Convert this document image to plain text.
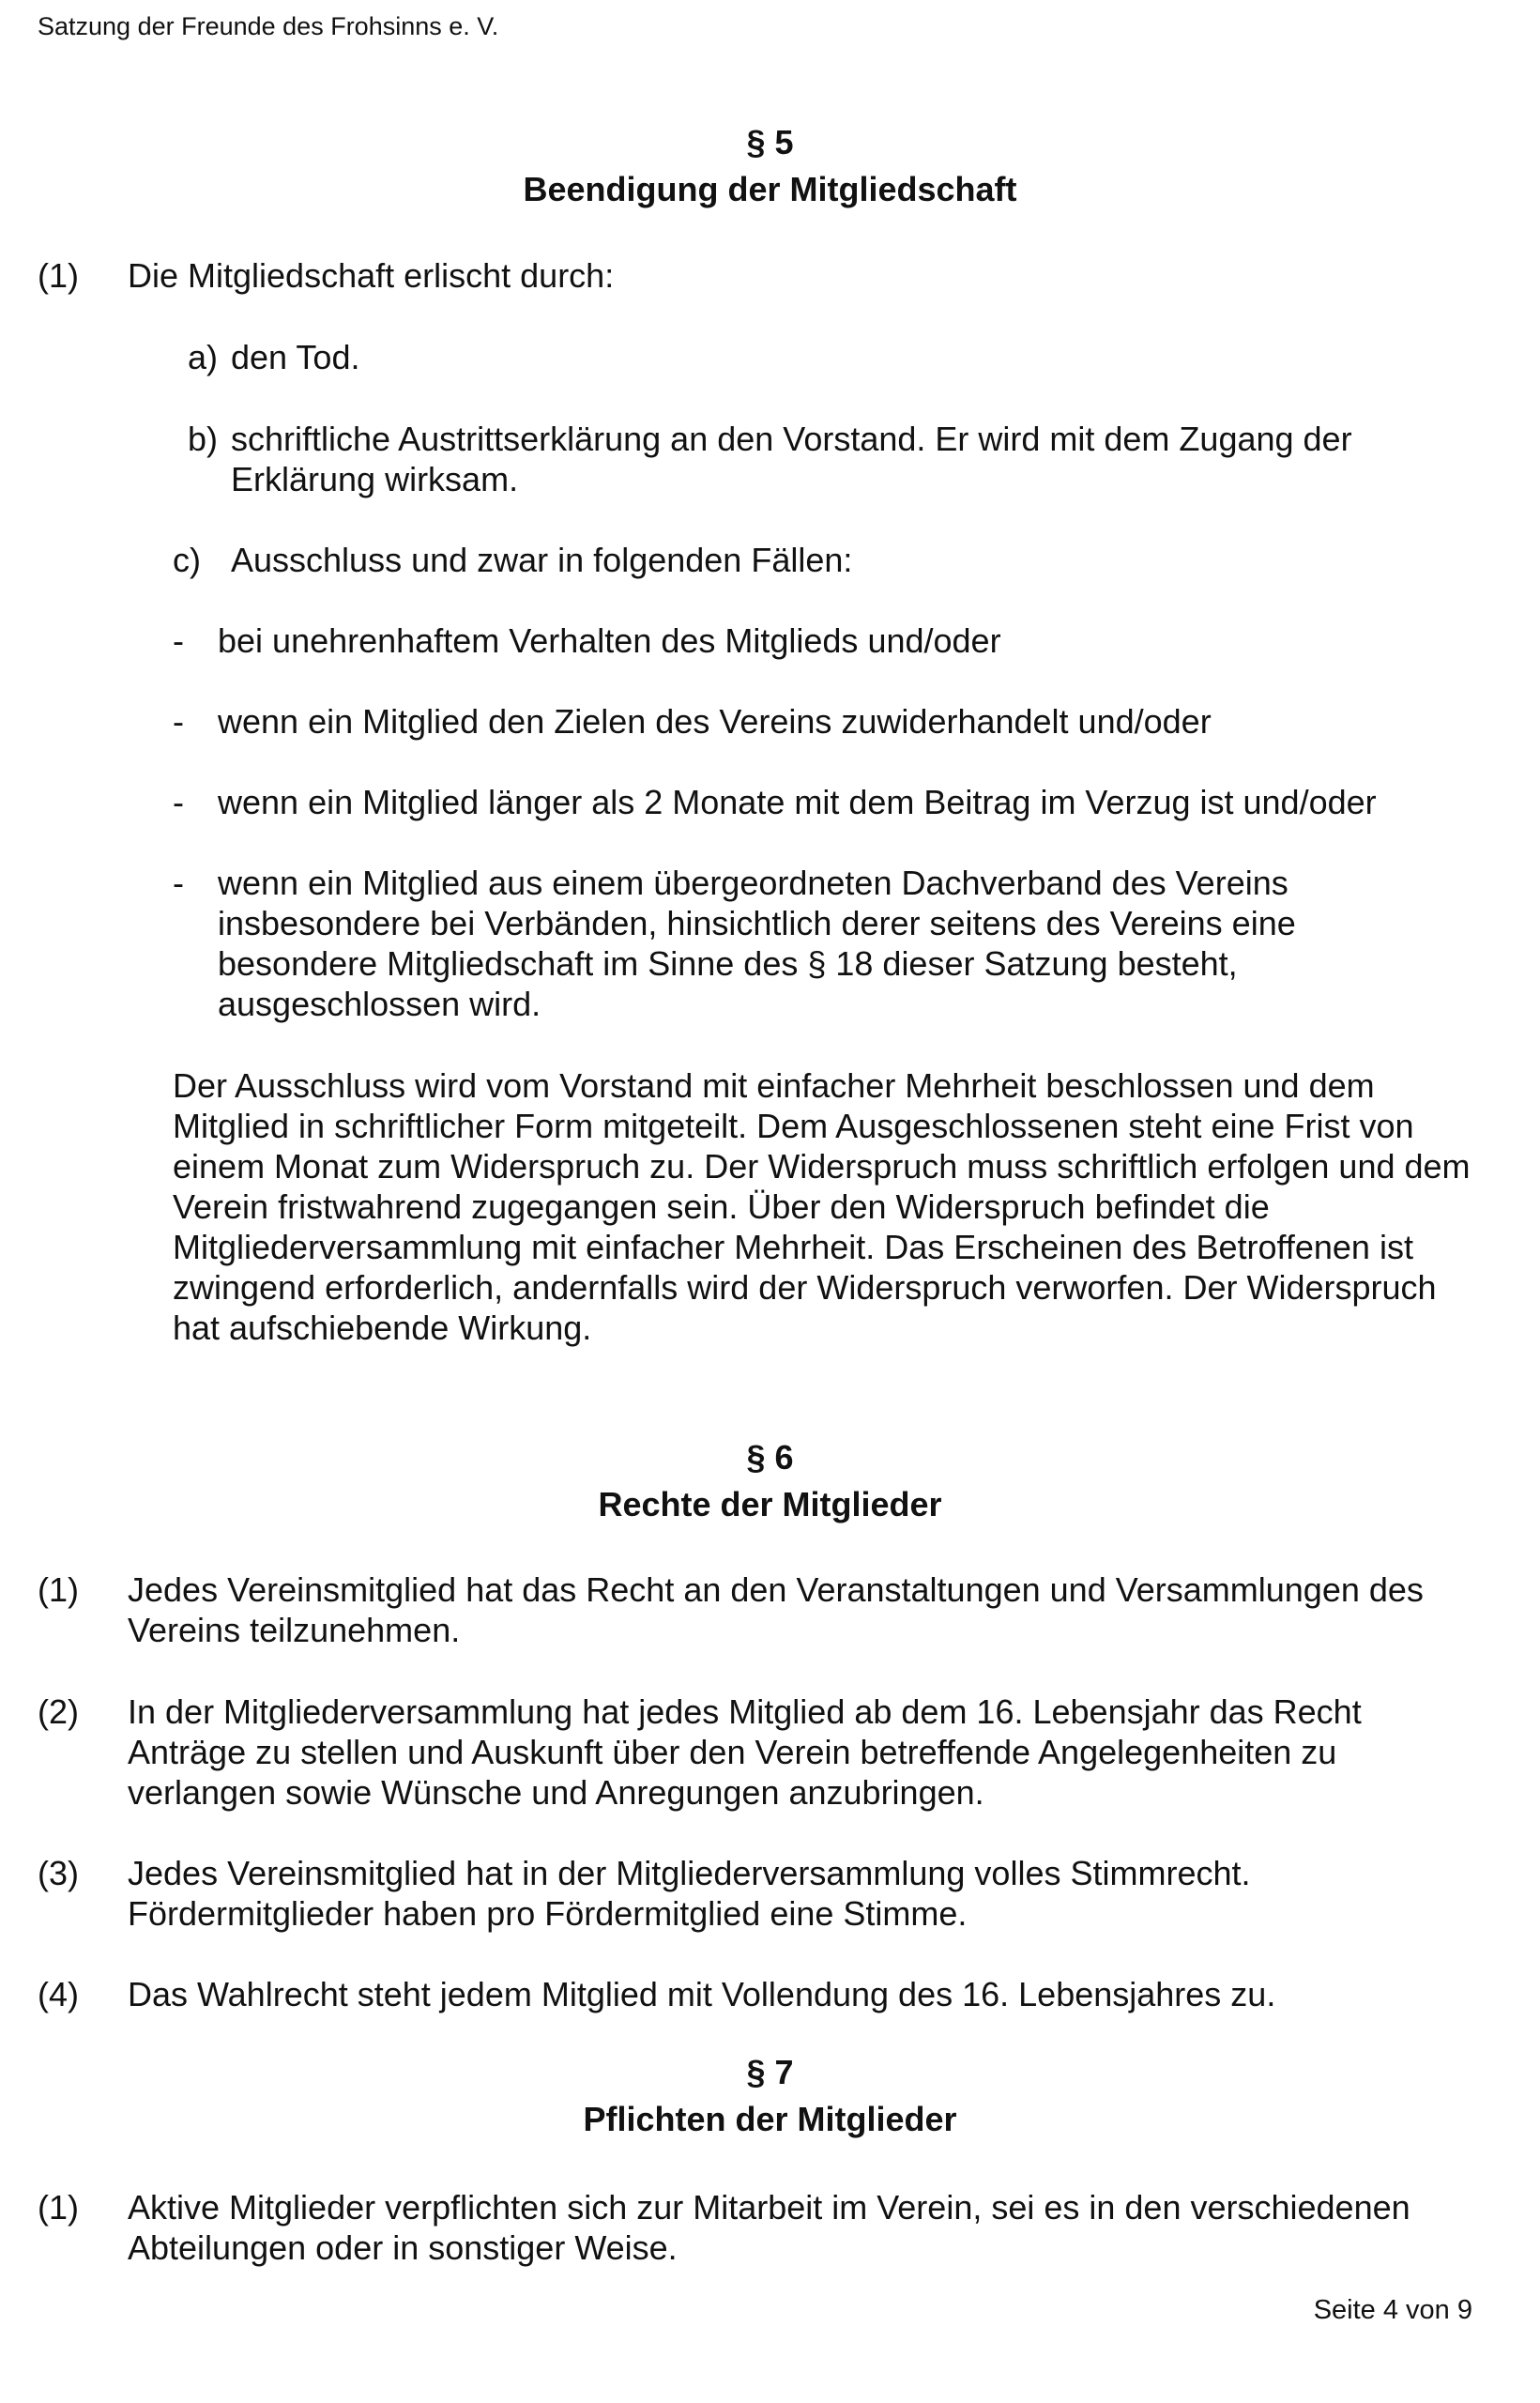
Satzung der Freunde des Frohsinns e. V.
§ 5
Beendigung der Mitgliedschaft
(1) Die Mitgliedschaft erlischt durch:
a) den Tod.
b) schriftliche Austrittserklärung an den Vorstand. Er wird mit dem Zugang der Erklärung wirksam.
c) Ausschluss und zwar in folgenden Fällen:
- bei unehrenhaftem Verhalten des Mitglieds und/oder
- wenn ein Mitglied den Zielen des Vereins zuwiderhandelt und/oder
- wenn ein Mitglied länger als 2 Monate mit dem Beitrag im Verzug ist und/oder
- wenn ein Mitglied aus einem übergeordneten Dachverband des Vereins insbesondere bei Verbänden, hinsichtlich derer seitens des Vereins eine besondere Mitgliedschaft im Sinne des § 18 dieser Satzung besteht, ausgeschlossen wird.
Der Ausschluss wird vom Vorstand mit einfacher Mehrheit beschlossen und dem Mitglied in schriftlicher Form mitgeteilt. Dem Ausgeschlossenen steht eine Frist von einem Monat zum Widerspruch zu. Der Widerspruch muss schriftlich erfolgen und dem Verein fristwahrend zugegangen sein. Über den Widerspruch befindet die Mitgliederversammlung mit einfacher Mehrheit. Das Erscheinen des Betroffenen ist zwingend erforderlich, andernfalls wird der Widerspruch verworfen. Der Widerspruch hat aufschiebende Wirkung.
§ 6
Rechte der Mitglieder
(1) Jedes Vereinsmitglied hat das Recht an den Veranstaltungen und Versammlungen des Vereins teilzunehmen.
(2) In der Mitgliederversammlung hat jedes Mitglied ab dem 16. Lebensjahr das Recht Anträge zu stellen und Auskunft über den Verein betreffende Angelegenheiten zu verlangen sowie Wünsche und Anregungen anzubringen.
(3) Jedes Vereinsmitglied hat in der Mitgliederversammlung volles Stimmrecht. Fördermitglieder haben pro Fördermitglied eine Stimme.
(4) Das Wahlrecht steht jedem Mitglied mit Vollendung des 16. Lebensjahres zu.
§ 7
Pflichten der Mitglieder
(1) Aktive Mitglieder verpflichten sich zur Mitarbeit im Verein, sei es in den verschiedenen Abteilungen oder in sonstiger Weise.
Seite 4 von 9
